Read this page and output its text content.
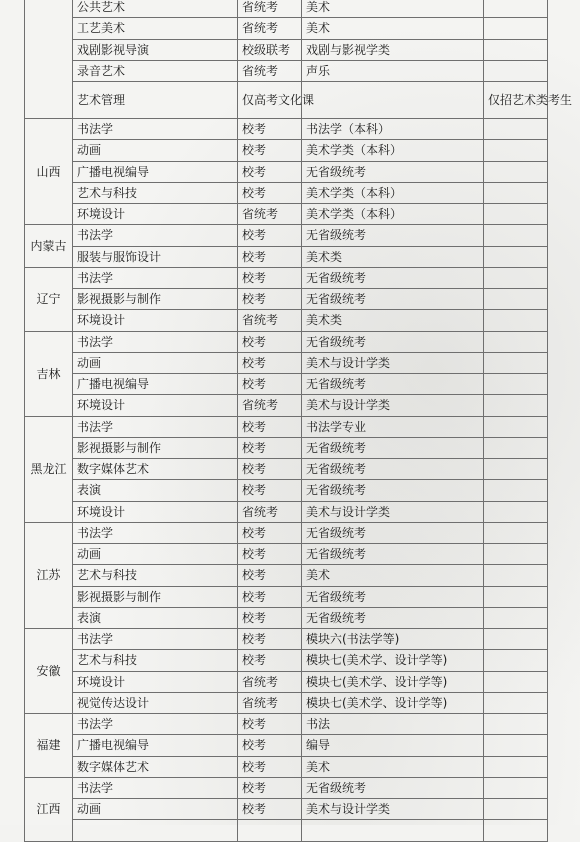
	公共艺术	省统考	美术	
	工艺美术	省统考	美术	
	戏剧影视导演	校级联考	戏剧与影视学类	
	录音艺术	省统考	声乐	
	艺术管理	仅高考文化课		仅招艺术类考生
山西	书法学	校考	书法学（本科）	
	动画	校考	美术学类（本科）	
	广播电视编导	校考	无省级统考	
	艺术与科技	校考	美术学类（本科）	
	环境设计	省统考	美术学类（本科）	
内蒙古	书法学	校考	无省级统考	
	服装与服饰设计	校考	美术类	
辽宁	书法学	校考	无省级统考	
	影视摄影与制作	校考	无省级统考	
	环境设计	省统考	美术类	
吉林	书法学	校考	无省级统考	
	动画	校考	美术与设计学类	
	广播电视编导	校考	无省级统考	
	环境设计	省统考	美术与设计学类	
黑龙江	书法学	校考	书法学专业	
	影视摄影与制作	校考	无省级统考	
	数字媒体艺术	校考	无省级统考	
	表演	校考	无省级统考	
	环境设计	省统考	美术与设计学类	
江苏	书法学	校考	无省级统考	
	动画	校考	无省级统考	
	艺术与科技	校考	美术	
	影视摄影与制作	校考	无省级统考	
	表演	校考	无省级统考	
安徽	书法学	校考	模块六(书法学等)	
	艺术与科技	校考	模块七(美术学、设计学等)	
	环境设计	省统考	模块七(美术学、设计学等)	
	视觉传达设计	省统考	模块七(美术学、设计学等)	
福建	书法学	校考	书法	
	广播电视编导	校考	编导	
	数字媒体艺术	校考	美术	
江西	书法学	校考	无省级统考	
	动画	校考	美术与设计学类	
